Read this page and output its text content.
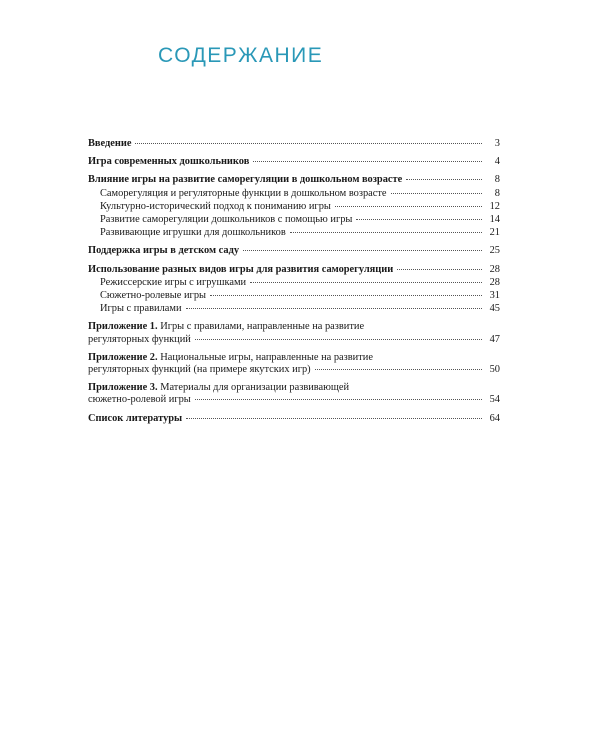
СОДЕРЖАНИЕ
Введение	3
Игра современных дошкольников	4
Влияние игры на развитие саморегуляции в дошкольном возрасте	8
Саморегуляция и регуляторные функции в дошкольном возрасте	8
Культурно-исторический подход к пониманию игры	12
Развитие саморегуляции дошкольников с помощью игры	14
Развивающие игрушки для дошкольников	21
Поддержка игры в детском саду	25
Использование разных видов игры для развития саморегуляции	28
Режиссерские игры с игрушками	28
Сюжетно-ролевые игры	31
Игры с правилами	45
Приложение 1. Игры с правилами, направленные на развитие
регуляторных функций	47
Приложение 2. Национальные игры, направленные на развитие
регуляторных функций (на примере якутских игр)	50
Приложение 3. Материалы для организации развивающей
сюжетно-ролевой игры	54
Список литературы	64
